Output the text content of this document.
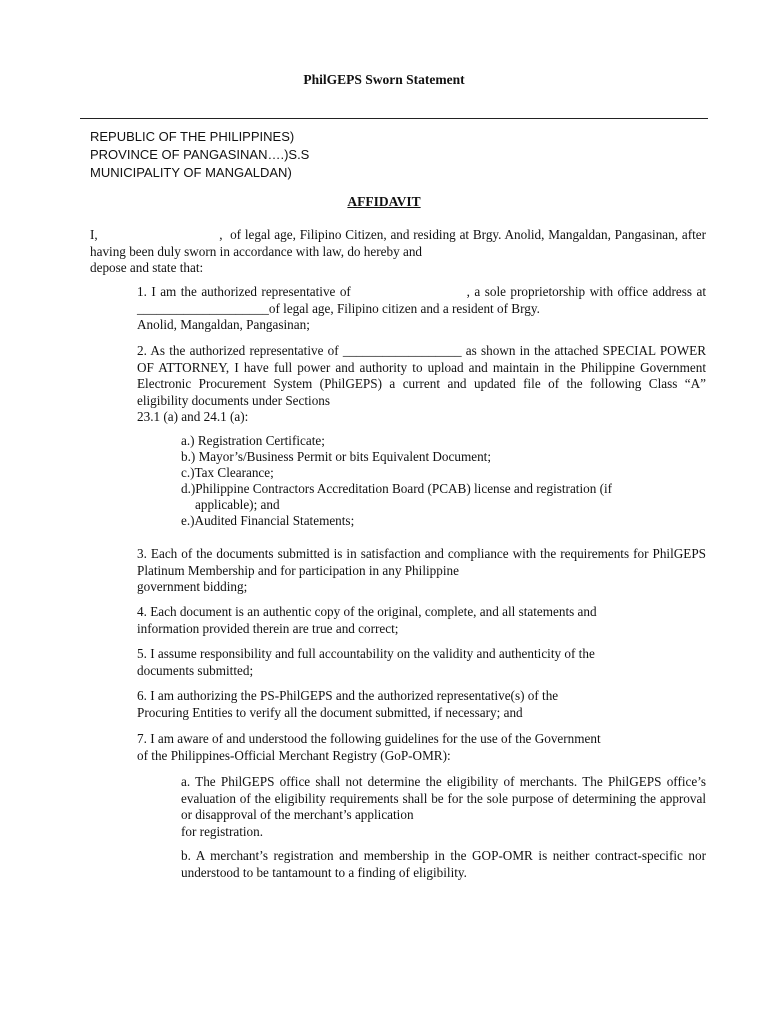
PhilGEPS Sworn Statement
REPUBLIC OF THE PHILIPPINES)
PROVINCE OF PANGASINAN….)S.S
MUNICIPALITY OF MANGALDAN)
AFFIDAVIT
I,                                ,  of legal age, Filipino Citizen, and residing at Brgy. Anolid, Mangaldan, Pangasinan, after having been duly sworn in accordance with law, do hereby and
depose and state that:
1. I am the authorized representative of                          , a sole proprietorship with office address at ____________________of legal age, Filipino citizen and a resident of Brgy.
Anolid, Mangaldan, Pangasinan;
2. As the authorized representative of __________________ as shown in the attached SPECIAL POWER OF ATTORNEY, I have full power and authority to upload and maintain in the Philippine Government Electronic Procurement System (PhilGEPS) a current and updated file of the following Class “A” eligibility documents under Sections
23.1 (a) and 24.1 (a):
a.) Registration Certificate;
b.) Mayor’s/Business Permit or bits Equivalent Document;
c.)Tax Clearance;
d.)Philippine Contractors Accreditation Board (PCAB) license and registration (if
applicable); and
e.)Audited Financial Statements;
3. Each of the documents submitted is in satisfaction and compliance with the requirements for PhilGEPS Platinum Membership and for participation in any Philippine
government bidding;
4. Each document is an authentic copy of the original, complete, and all statements and
information provided therein are true and correct;
5. I assume responsibility and full accountability on the validity and authenticity of the
documents submitted;
6. I am authorizing the PS-PhilGEPS and the authorized representative(s) of the
Procuring Entities to verify all the document submitted, if necessary; and
7. I am aware of and understood the following guidelines for the use of the Government
of the Philippines-Official Merchant Registry (GoP-OMR):
a. The PhilGEPS office shall not determine the eligibility of merchants. The PhilGEPS office’s evaluation of the eligibility requirements shall be for the sole purpose of determining the approval or disapproval of the merchant’s application
for registration.
b. A merchant’s registration and membership in the GOP-OMR is neither contract-specific nor understood to be tantamount to a finding of eligibility.
